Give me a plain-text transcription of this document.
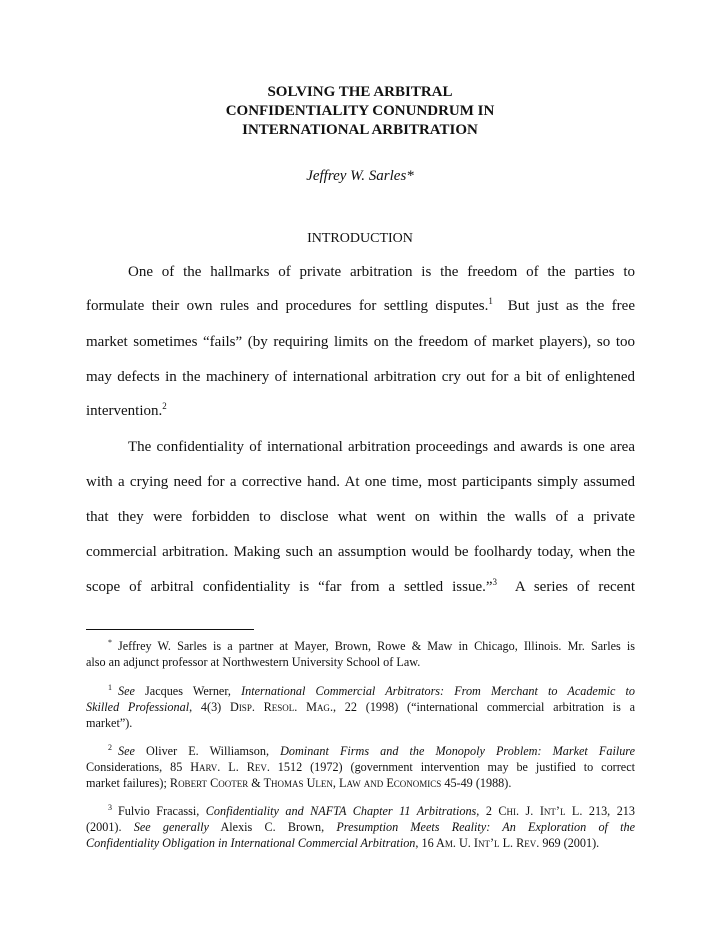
SOLVING THE ARBITRAL
CONFIDENTIALITY CONUNDRUM IN
INTERNATIONAL ARBITRATION
Jeffrey W. Sarles*
INTRODUCTION
One of the hallmarks of private arbitration is the freedom of the parties to
formulate their own rules and procedures for settling disputes.$^1$ But just as the free
market sometimes “fails” (by requiring limits on the freedom of market players), so too
may defects in the machinery of international arbitration cry out for a bit of enlightened
intervention.$^2$
The confidentiality of international arbitration proceedings and awards is one area
with a crying need for a corrective hand. At one time, most participants simply assumed
that they were forbidden to disclose what went on within the walls of a private
commercial arbitration. Making such an assumption would be foolhardy today, when the
scope of arbitral confidentiality is “far from a settled issue.”$^3$ A series of recent
* Jeffrey W. Sarles is a partner at Mayer, Brown, Rowe & Maw in Chicago, Illinois. Mr. Sarles is
also an adjunct professor at Northwestern University School of Law.
$^1$ See Jacques Werner, International Commercial Arbitrators: From Merchant to Academic to
Skilled Professional, 4(3) Disp. Resol. Mag., 22 (1998) (“international commercial arbitration is a
market”).
$^2$ See Oliver E. Williamson, Dominant Firms and the Monopoly Problem: Market Failure
Considerations, 85 Harv. L. Rev. 1512 (1972) (government intervention may be justified to correct
market failures); Robert Cooter & Thomas Ulen, Law and Economics 45-49 (1988).
$^3$ Fulvio Fracassi, Confidentiality and NAFTA Chapter 11 Arbitrations, 2 Chi. J. Int’l L. 213, 213
(2001). See generally Alexis C. Brown, Presumption Meets Reality: An Exploration of the
Confidentiality Obligation in International Commercial Arbitration, 16 Am. U. Int’l L. Rev. 969 (2001).
